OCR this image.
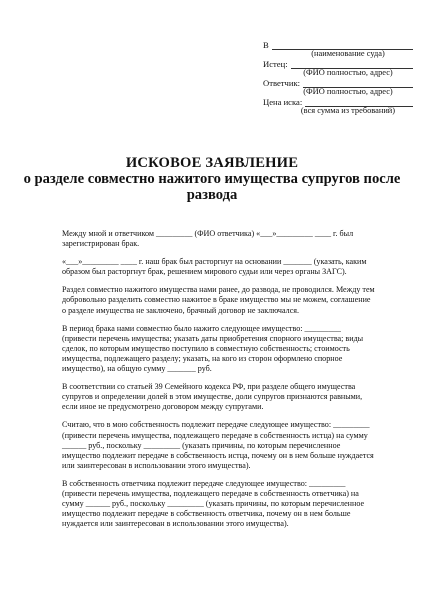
В
(наименование суда)
Истец:
(ФИО полностью, адрес)
Ответчик:
(ФИО полностью, адрес)
Цена иска:
(вся сумма из требований)
ИСКОВОЕ ЗАЯВЛЕНИЕ
о разделе совместно нажитого имущества супругов после
развода
Между мной и ответчиком _________ (ФИО ответчика) «___»_________ ____ г. был
зарегистрирован брак.
«___»_________ ____ г. наш брак был расторгнут на основании _______ (указать, каким
образом был расторгнут брак, решением мирового судьи или через органы ЗАГС).
Раздел совместно нажитого имущества нами ранее, до развода, не проводился. Между тем
добровольно разделить совместно нажитое в браке имущество мы не можем, соглашение
о разделе имущества не заключено, брачный договор не заключался.
В период брака нами совместно было нажито следующее имущество: _________
(привести перечень имущества; указать даты приобретения спорного имущества; виды
сделок, по которым имущество поступило в совместную собственность; стоимость
имущества, подлежащего разделу; указать, на кого из сторон оформлено спорное
имущество), на общую сумму _______ руб.
В соответствии со статьей 39 Семейного кодекса РФ, при разделе общего имущества
супругов и определении долей в этом имуществе, доли супругов признаются равными,
если иное не предусмотрено договором между супругами.
Считаю, что в мою собственность подлежит передаче следующее имущество: _________
(привести перечень имущества, подлежащего передаче в собственность истца) на сумму
______ руб., поскольку _________ (указать причины, по которым перечисленное
имущество подлежит передаче в собственность истца, почему он в нем больше нуждается
или заинтересован в использовании этого имущества).
В собственность ответчика подлежит передаче следующее имущество: _________
(привести перечень имущества, подлежащего передаче в собственность ответчика) на
сумму ______ руб., поскольку _________ (указать причины, по которым перечисленное
имущество подлежит передаче в собственность ответчика, почему он в нем больше
нуждается или заинтересован в использовании этого имущества).
